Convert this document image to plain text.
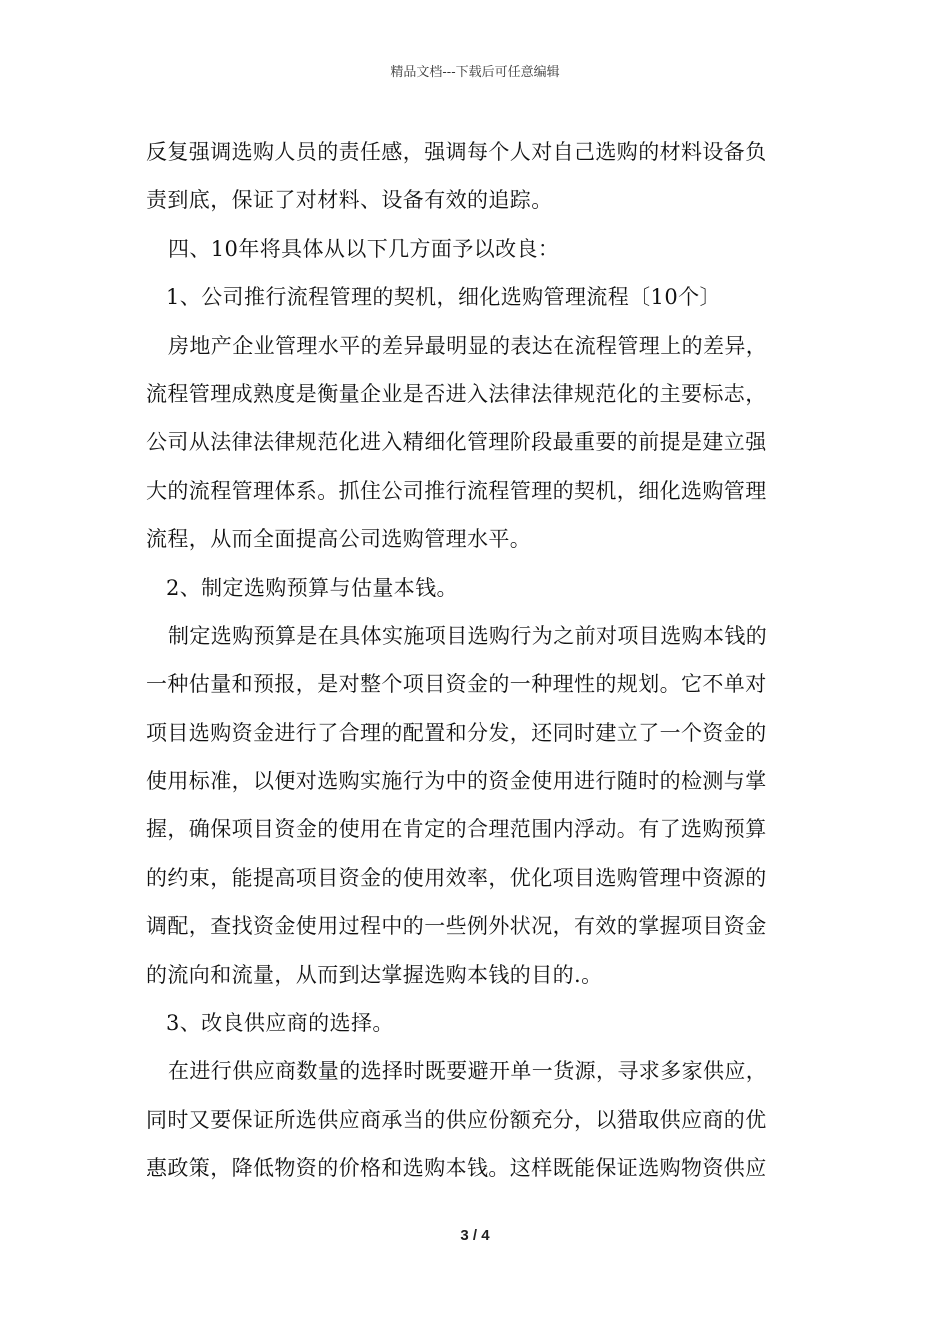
精品文档---下载后可任意编辑
反复强调选购人员的责任感，强调每个人对自己选购的材料设备负
责到底，保证了对材料、设备有效的追踪。
四、10年将具体从以下几方面予以改良：
1、公司推行流程管理的契机，细化选购管理流程〔10个〕
房地产企业管理水平的差异最明显的表达在流程管理上的差异，
流程管理成熟度是衡量企业是否进入法律法律规范化的主要标志，
公司从法律法律规范化进入精细化管理阶段最重要的前提是建立强
大的流程管理体系。抓住公司推行流程管理的契机，细化选购管理
流程，从而全面提高公司选购管理水平。
2、制定选购预算与估量本钱。
制定选购预算是在具体实施项目选购行为之前对项目选购本钱的
一种估量和预报，是对整个项目资金的一种理性的规划。它不单对
项目选购资金进行了合理的配置和分发，还同时建立了一个资金的
使用标准，以便对选购实施行为中的资金使用进行随时的检测与掌
握，确保项目资金的使用在肯定的合理范围内浮动。有了选购预算
的约束，能提高项目资金的使用效率，优化项目选购管理中资源的
调配，查找资金使用过程中的一些例外状况，有效的掌握项目资金
的流向和流量，从而到达掌握选购本钱的目的.。
3、改良供应商的选择。
在进行供应商数量的选择时既要避开单一货源，寻求多家供应，
同时又要保证所选供应商承当的供应份额充分，以猎取供应商的优
惠政策，降低物资的价格和选购本钱。这样既能保证选购物资供应
3 / 4
